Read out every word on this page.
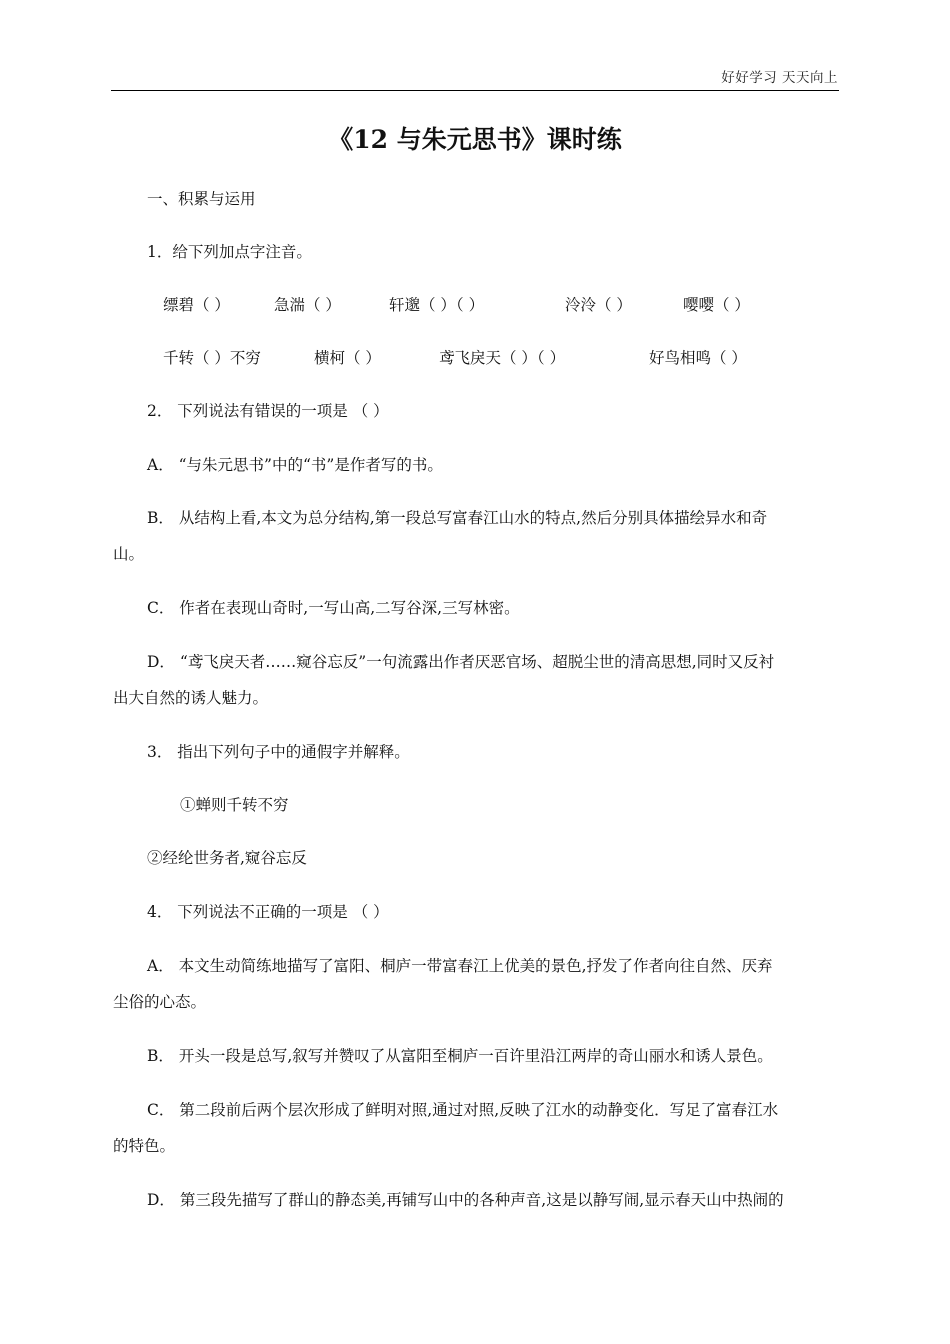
好好学习 天天向上
《12 与朱元思书》课时练
一、积累与运用
1．给下列加点字注音。
缥碧（ ）	急湍（ ）	轩邈（ ）（ ）	泠泠（ ）	嘤嘤（ ）
千转（ ）不穷	横柯（ ）	鸢飞戾天（ ）（ ）	好鸟相鸣（ ）
2． 下列说法有错误的一项是 （ ）
A． “与朱元思书”中的“书”是作者写的书。
B． 从结构上看,本文为总分结构,第一段总写富春江山水的特点,然后分别具体描绘异水和奇
山。
C． 作者在表现山奇时,一写山高,二写谷深,三写林密。
D． “鸢飞戾天者……窥谷忘反”一句流露出作者厌恶官场、超脱尘世的清高思想,同时又反衬
出大自然的诱人魅力。
3． 指出下列句子中的通假字并解释。
①蝉则千转不穷
②经纶世务者,窥谷忘反
4． 下列说法不正确的一项是 （ ）
A． 本文生动简练地描写了富阳、桐庐一带富春江上优美的景色,抒发了作者向往自然、厌弃
尘俗的心态。
B． 开头一段是总写,叙写并赞叹了从富阳至桐庐一百许里沿江两岸的奇山丽水和诱人景色。
C． 第二段前后两个层次形成了鲜明对照,通过对照,反映了江水的动静变化．写足了富春江水
的特色。
D． 第三段先描写了群山的静态美,再铺写山中的各种声音,这是以静写闹,显示春天山中热闹的
